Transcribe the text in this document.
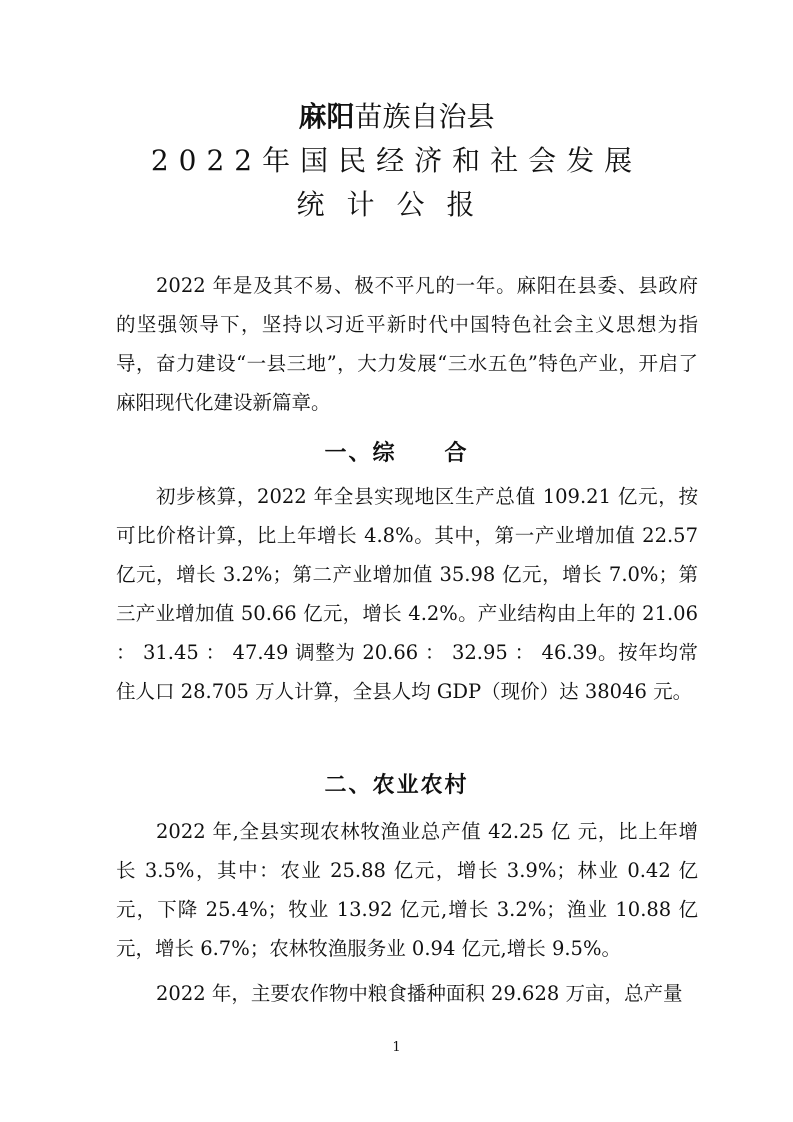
麻阳苗族自治县
2022年国民经济和社会发展
统计公报

2022 年是及其不易、极不平凡的一年。麻阳在县委、县政府的坚强领导下，坚持以习近平新时代中国特色社会主义思想为指导，奋力建设“一县三地”，大力发展“三水五色”特色产业，开启了麻阳现代化建设新篇章。

一、综　　合

初步核算，2022 年全县实现地区生产总值 109.21 亿元，按可比价格计算，比上年增长 4.8%。其中，第一产业增加值 22.57 亿元，增长 3.2%；第二产业增加值 35.98 亿元，增长 7.0%；第三产业增加值 50.66 亿元，增长 4.2%。产业结构由上年的 21.06 ： 31.45 ： 47.49 调整为 20.66 ： 32.95 ： 46.39。按年均常住人口 28.705 万人计算，全县人均 GDP（现价）达 38046 元。

二、农业农村

2022 年,全县实现农林牧渔业总产值 42.25 亿 元，比上年增长 3.5%，其中：农业 25.88 亿元，增长 3.9%；林业 0.42 亿元，下降 25.4%；牧业 13.92 亿元,增长 3.2%；渔业 10.88 亿元，增长 6.7%；农林牧渔服务业 0.94 亿元,增长 9.5%。

2022 年，主要农作物中粮食播种面积 29.628 万亩，总产量

1
